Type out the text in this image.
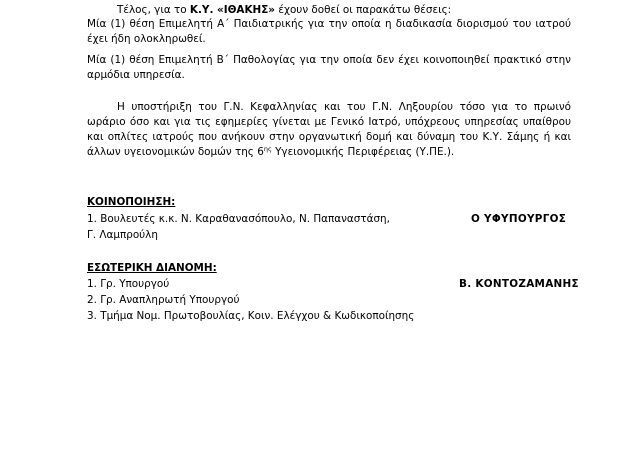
Τέλος, για το Κ.Υ. «ΙΘΑΚΗΣ» έχουν δοθεί οι παρακάτω θέσεις:
Μία (1) θέση Επιμελητή Α΄ Παιδιατρικής για την οποία η διαδικασία διορισμού του ιατρού έχει ήδη ολοκληρωθεί.
Μία (1) θέση Επιμελητή Β΄ Παθολογίας για την οποία δεν έχει κοινοποιηθεί πρακτικό στην αρμόδια υπηρεσία.
Η υποστήριξη του Γ.Ν. Κεφαλληνίας και του Γ.Ν. Ληξουρίου τόσο για το πρωινό ωράριο όσο και για τις εφημερίες γίνεται με Γενικό Ιατρό, υπόχρεους υπηρεσίας υπαίθρου και οπλίτες ιατρούς που ανήκουν στην οργανωτική δομή και δύναμη του Κ.Υ. Σάμης ή και άλλων υγειονομικών δομών της $6^{\eta\varsigma}$ Υγειονομικής Περιφέρειας (Υ.ΠΕ.).
ΚΟΙΝΟΠΟΙΗΣΗ:
1. Βουλευτές κ.κ. Ν. Καραθανασόπουλο, Ν. Παπαναστάση,
Γ. Λαμπρούλη
Ο ΥΦΥΠΟΥΡΓΟΣ
ΕΣΩΤΕΡΙΚΗ ΔΙΑΝΟΜΗ:
1. Γρ. Υπουργού
2. Γρ. Αναπληρωτή Υπουργού
3. Τμήμα Νομ. Πρωτοβουλίας, Κοιν. Ελέγχου & Κωδικοποίησης
Β. ΚΟΝΤΟΖΑΜΑΝΗΣ
